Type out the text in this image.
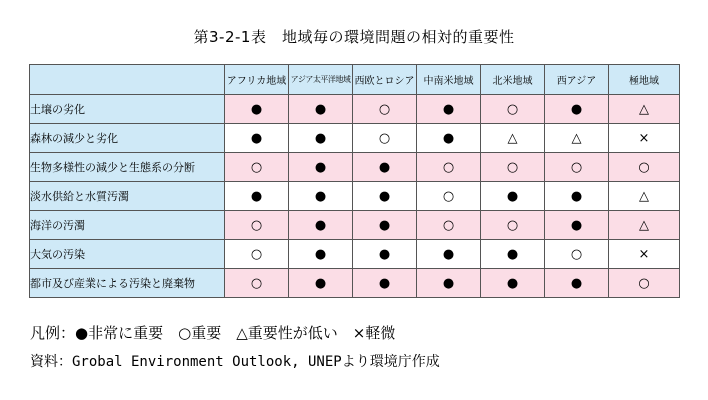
第3-2-1表　地域毎の環境問題の相対的重要性
	アフリカ地域	アジア太平洋地域	西欧とロシア	中南米地域	北米地域	西アジア	極地域
土壌の劣化	●	●	○	●	○	●	△
森林の減少と劣化	●	●	○	●	△	△	×
生物多様性の減少と生態系の分断	○	●	●	○	○	○	○
淡水供給と水質汚濁	●	●	●	○	●	●	△
海洋の汚濁	○	●	●	○	○	●	△
大気の汚染	○	●	●	●	●	○	×
都市及び産業による汚染と廃棄物	○	●	●	●	●	●	○
凡例：●非常に重要　 ○重要　 △重要性が低い　 ×軽微
資料：Grobal Environment Outlook, UNEPより環境庁作成
